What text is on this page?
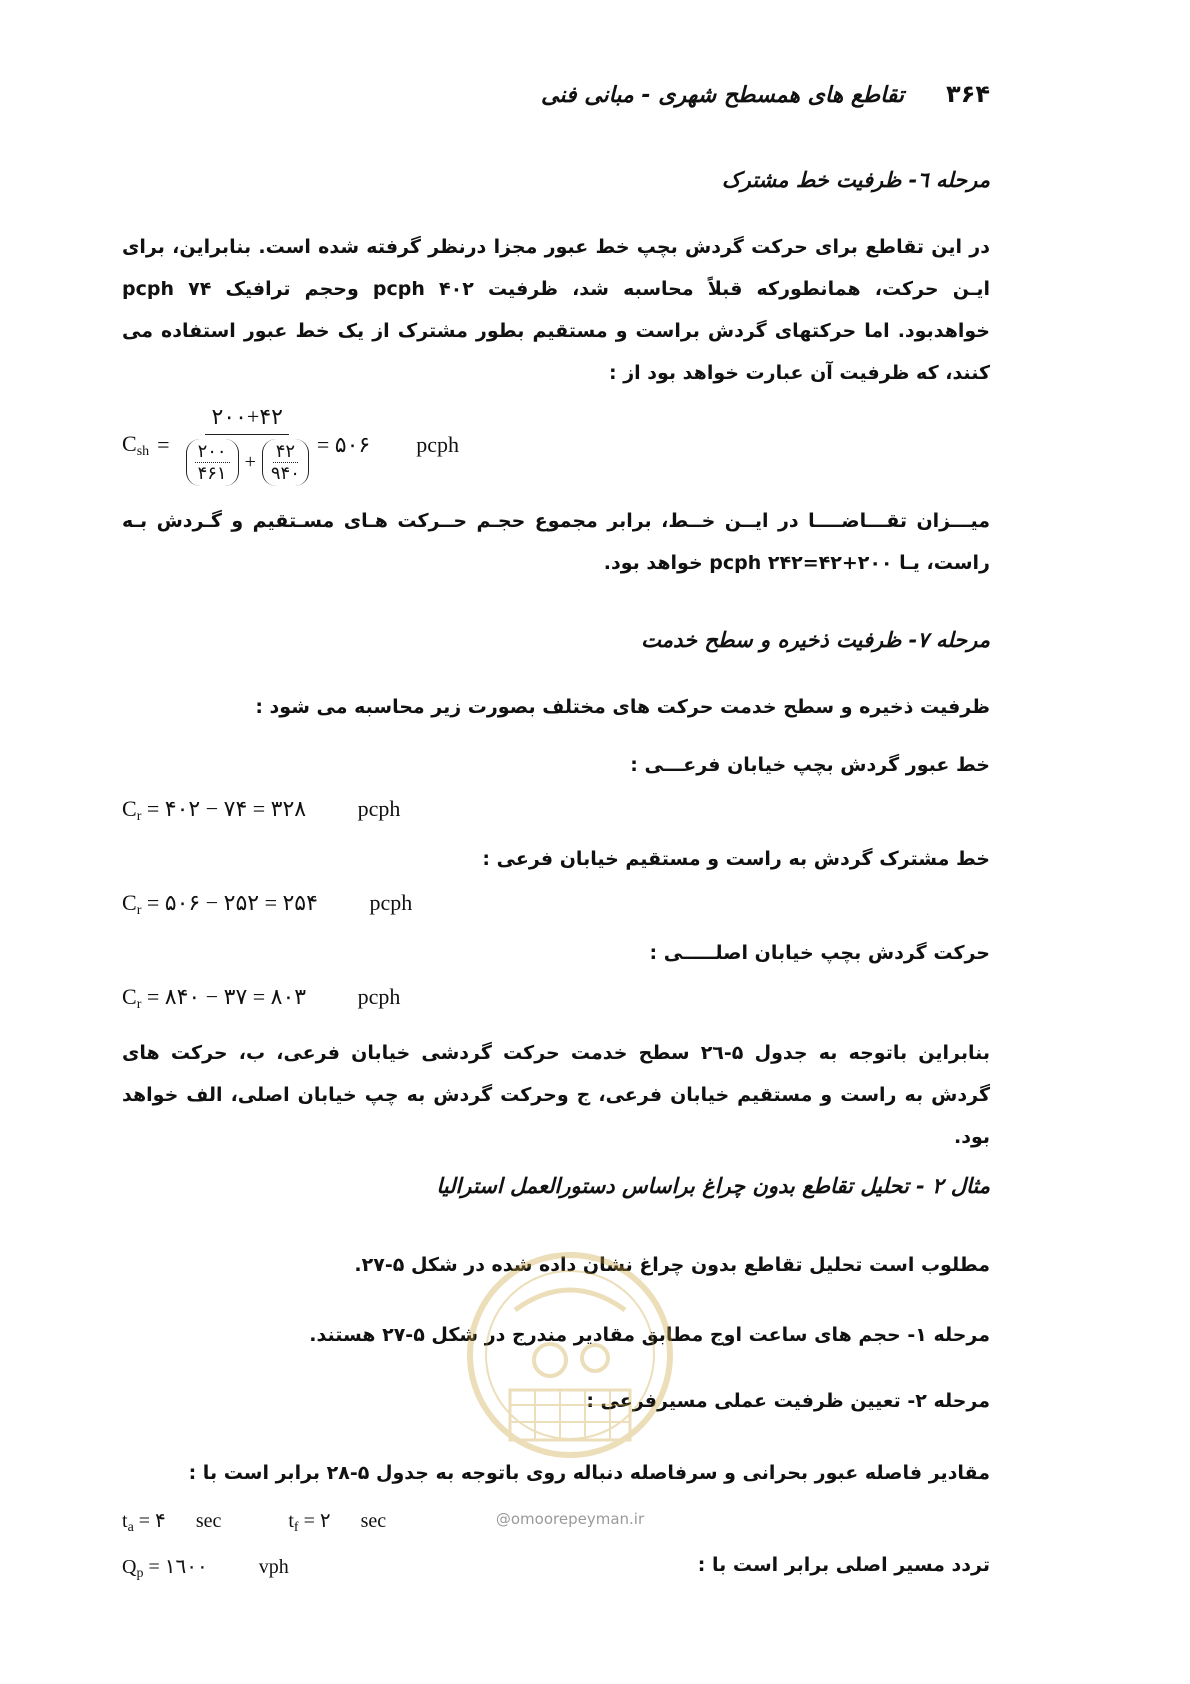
۳۶۴
تقاطع های همسطح شهری - مبانی فنی
مرحله ٦- ظرفیت خط مشترک
در این تقاطع برای حرکت گردش بچپ خط عبور مجزا درنظر گرفته شده است. بنابراین، برای ایـن حرکت، همانطورکه قبلاً محاسبه شد، ظرفیت ۴۰۲ pcph وحجم ترافیک ۷۴ pcph خواهدبود. اما حرکتهای گردش براست و مستقیم بطور مشترک از یک خط عبور استفاده می کنند، که ظرفیت آن عبارت خواهد بود از :
$C_{sh}$ =
۲۰۰+۴۲
۲۰۰
۴۶۱ + ۴۲
۹۴۰
= ۵۰۶ pcph
میـــزان تقـــاضــــا در ایــن خــط، برابر مجموع حجـم حــرکت هـای مسـتقیم و گـردش بـه راست، یـا ۲۰۰+۴۲=۲۴۲ pcph خواهد بود.
مرحله ۷- ظرفیت ذخیره و سطح خدمت
ظرفیت ذخیره و سطح خدمت حرکت های مختلف بصورت زیر محاسبه می شود :
خط عبور گردش بچپ خیابان فرعـــی :
$C_r$ = ۴۰۲ − ۷۴ = ۳۲۸ pcph
خط مشترک گردش به راست و مستقیم خیابان فرعی :
$C_r$ = ۵۰۶ − ۲۵۲ = ۲۵۴ pcph
حرکت گردش بچپ خیابان اصلـــــی :
$C_r$ = ۸۴۰ − ۳۷ = ۸۰۳ pcph
بنابراین باتوجه به جدول ۵-۲٦ سطح خدمت حرکت گردشی خیابان فرعی، ب، حرکت های گردش به راست و مستقیم خیابان فرعی، ج وحرکت گردش به چپ خیابان اصلی، الف خواهد بود.
مثال ۲ - تحلیل تقاطع بدون چراغ براساس دستورالعمل استرالیا
مطلوب است تحلیل تقاطع بدون چراغ نشان داده شده در شکل ۵-۲۷.
مرحله ۱- حجم های ساعت اوج مطابق مقادیر مندرج در شکل ۵-۲۷ هستند.
مرحله ۲- تعیین ظرفیت عملی مسیرفرعی :
مقادیر فاصله عبور بحرانی و سرفاصله دنباله روی باتوجه به جدول ۵-۲۸ برابر است با :
$t_a$ = ۴ sec	$t_f$ = ۲ sec
تردد مسیر اصلی برابر است با :
$Q_p$ = ۱٦۰۰	vph
@omoorepeyman.ir
